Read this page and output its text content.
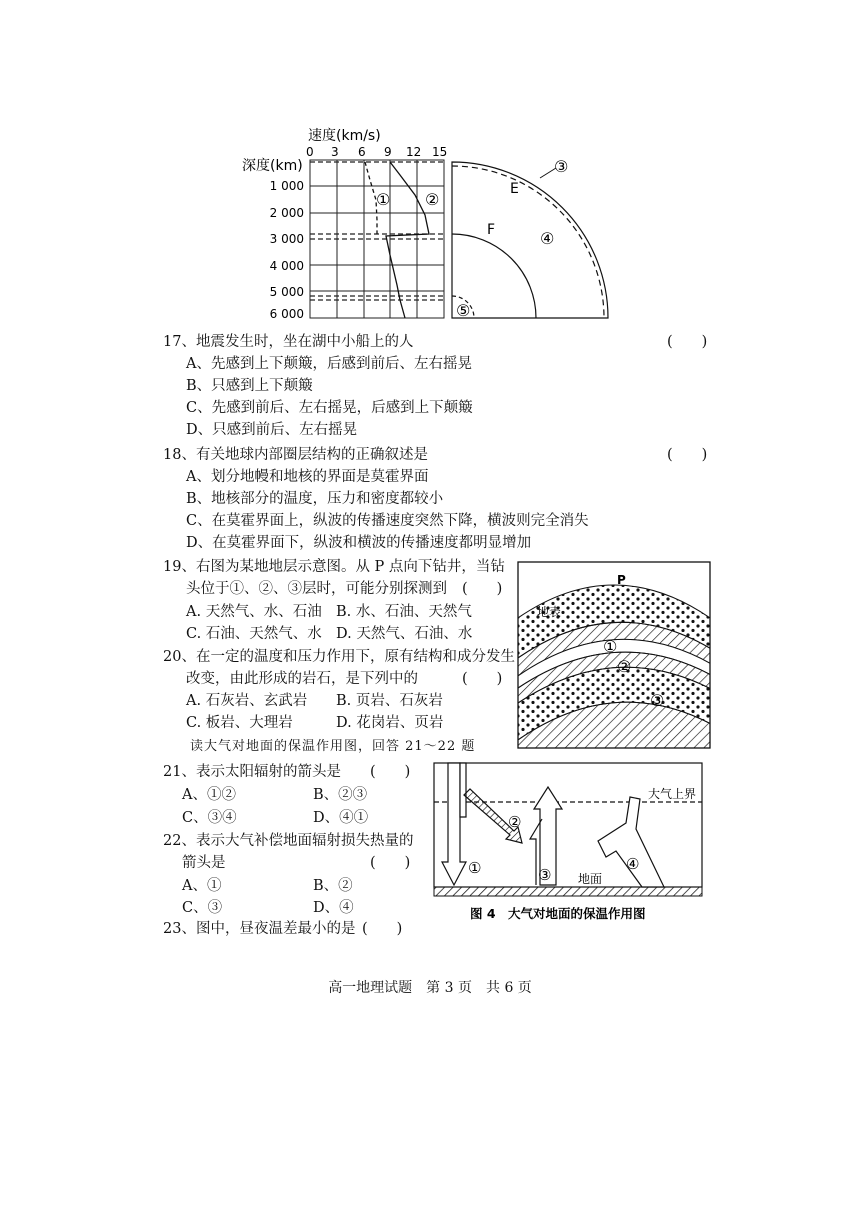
速度(km/s)
0 3 6 9 12 15
深度(km)
1 000
2 000
3 000
4 000
5 000
6 000
① ②
③
E
F	④
⑤
17、地震发生时，坐在湖中小船上的人	(　　)
A、先感到上下颠簸，后感到前后、左右摇晃
B、只感到上下颠簸
C、先感到前后、左右摇晃，后感到上下颠簸
D、只感到前后、左右摇晃
18、有关地球内部圈层结构的正确叙述是	(　　)
A、划分地幔和地核的界面是莫霍界面
B、地核部分的温度，压力和密度都较小
C、在莫霍界面上，纵波的传播速度突然下降，横波则完全消失
D、在莫霍界面下，纵波和横波的传播速度都明显增加
19、右图为某地地层示意图。从 P 点向下钻井，当钻
头位于①、②、③层时，可能分别探测到 (　　)
A. 天然气、水、石油 B. 水、石油、天然气
C. 石油、天然气、水 D. 天然气、石油、水
20、在一定的温度和压力作用下，原有结构和成分发生
改变，由此形成的岩石，是下列中的	(　　)
A. 石灰岩、玄武岩 B. 页岩、石灰岩
C. 板岩、大理岩	D. 花岗岩、页岩
P
地表
①
②
③
读大气对地面的保温作用图，回答 21～22 题
21、表示太阳辐射的箭头是 (　　)
A、①②	B、②③
C、③④	D、④①
22、表示大气补偿地面辐射损失热量的
箭头是	(　　)
A、①	B、②
C、③	D、④
23、图中，昼夜温差最小的是 (　　)
大气上界
地面
①
②
③
④
图 4　大气对地面的保温作用图
高一地理试题　第 3 页　共 6 页
